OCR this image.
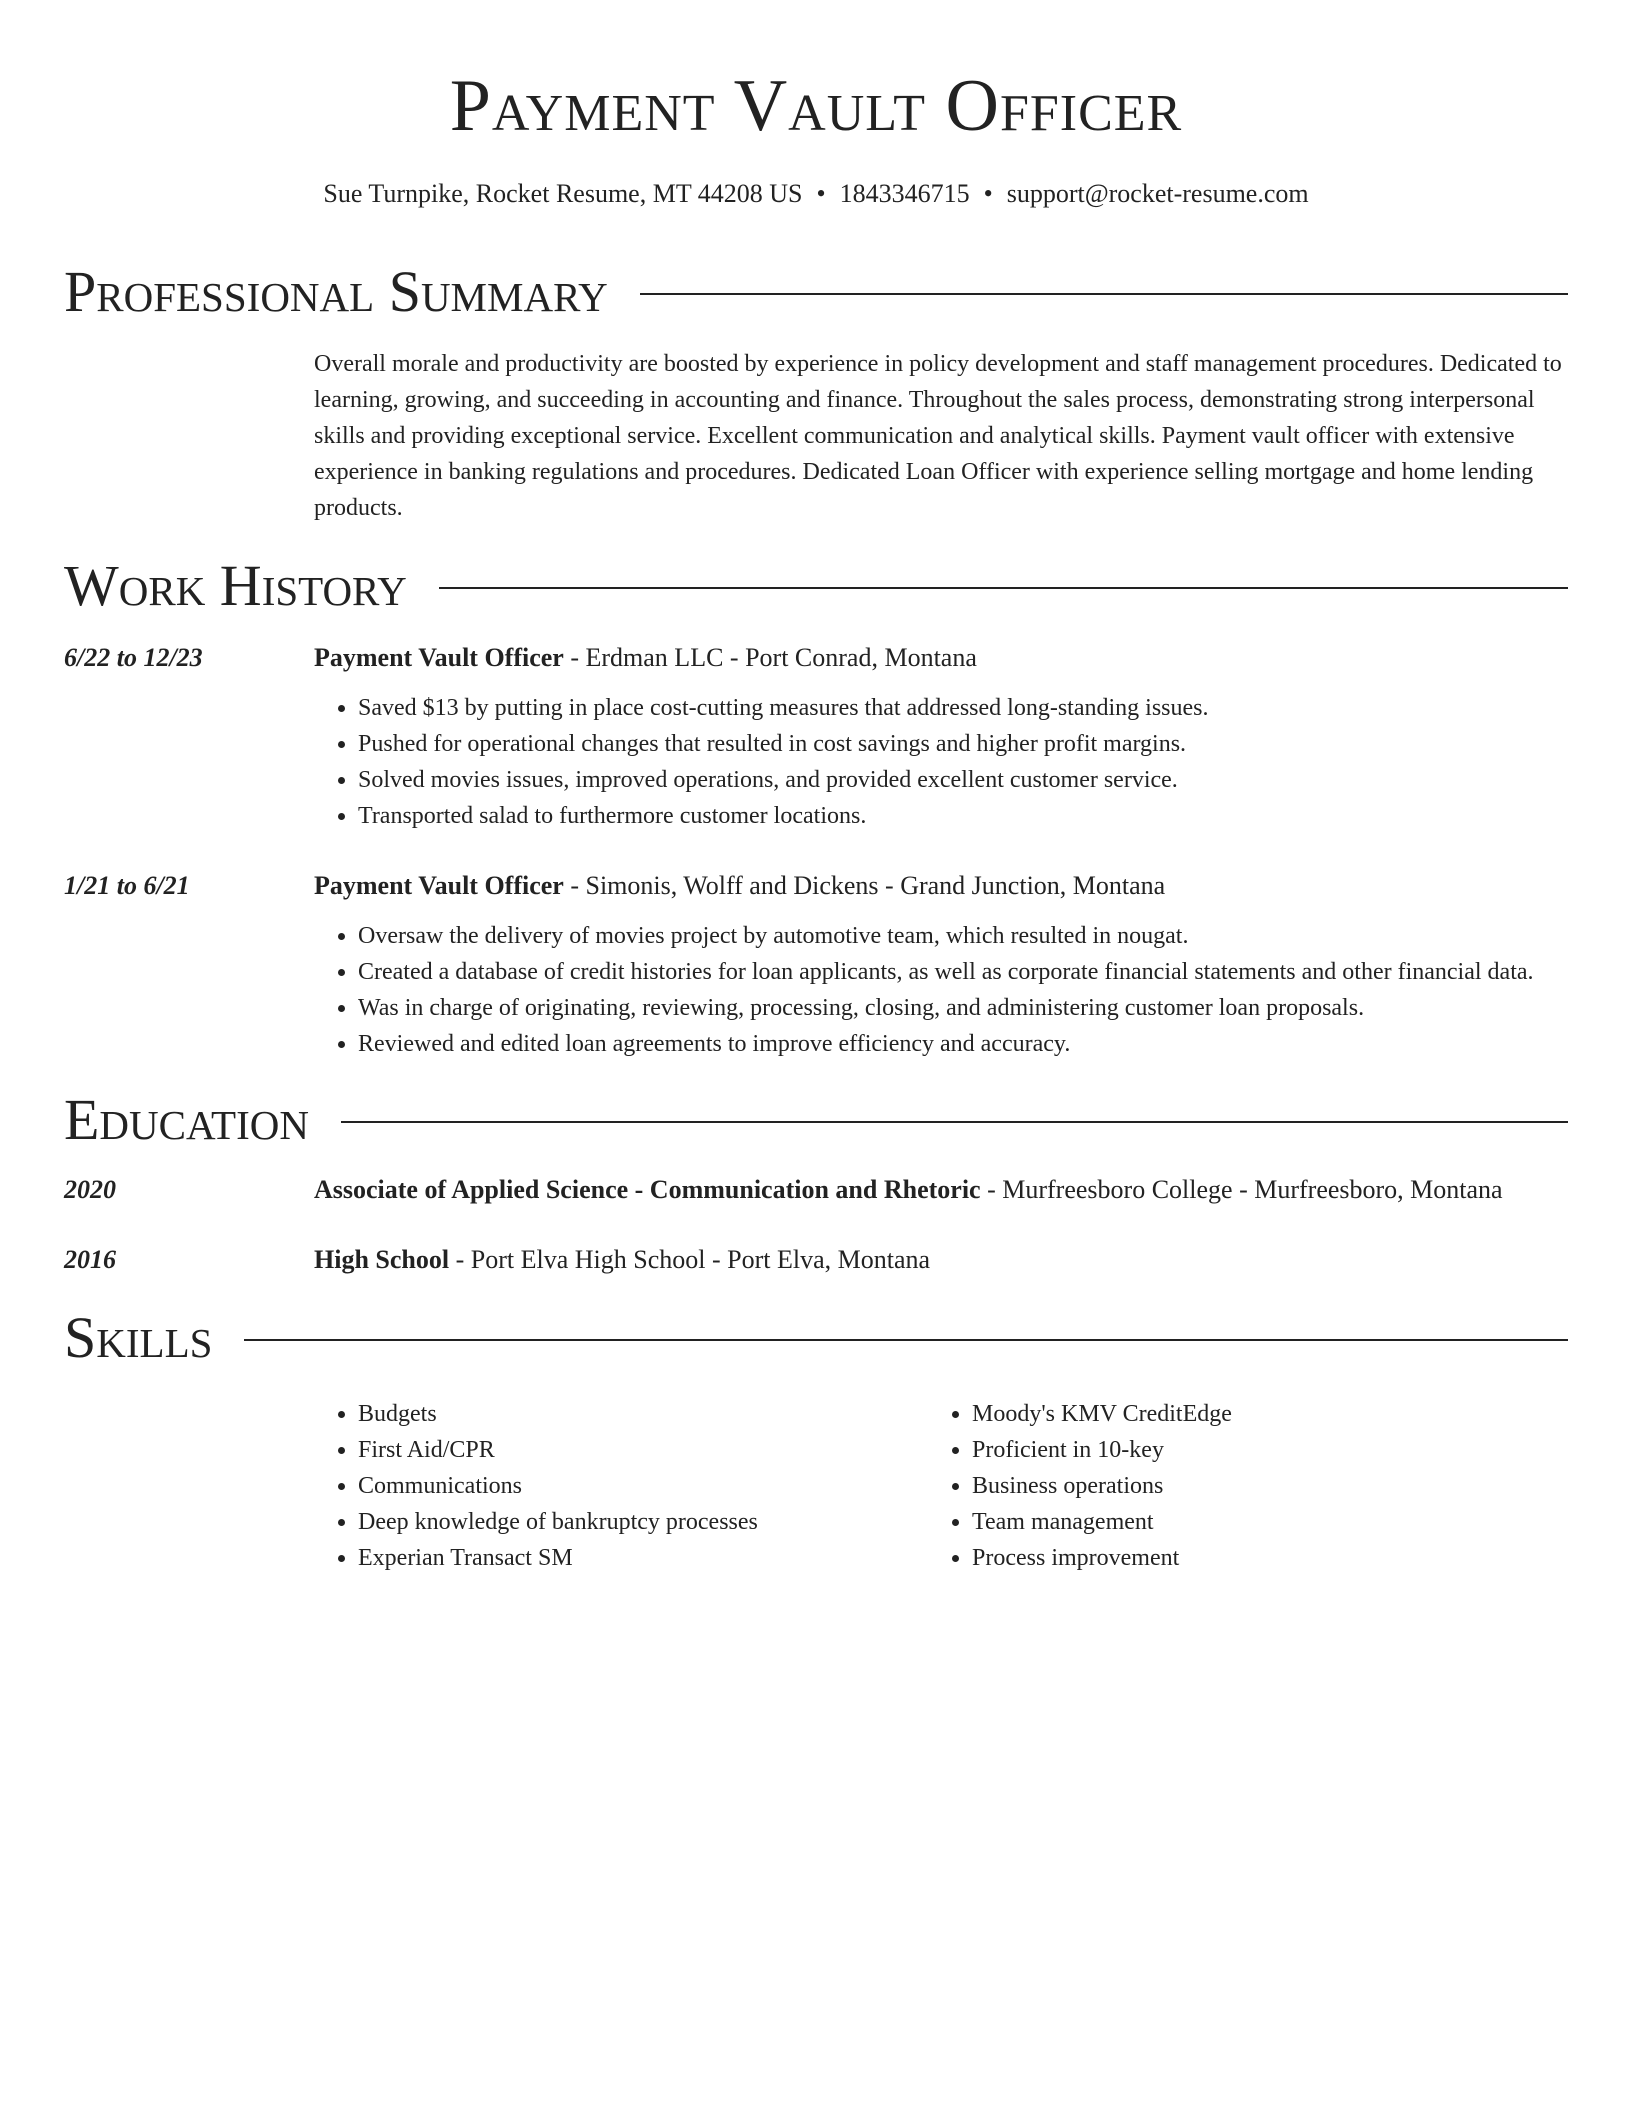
Payment Vault Officer
Sue Turnpike, Rocket Resume, MT 44208 US • 1843346715 • support@rocket-resume.com
Professional Summary
Overall morale and productivity are boosted by experience in policy development and staff management procedures. Dedicated to learning, growing, and succeeding in accounting and finance. Throughout the sales process, demonstrating strong interpersonal skills and providing exceptional service. Excellent communication and analytical skills. Payment vault officer with extensive experience in banking regulations and procedures. Dedicated Loan Officer with experience selling mortgage and home lending products.
Work History
6/22 to 12/23	Payment Vault Officer - Erdman LLC - Port Conrad, Montana
• Saved $13 by putting in place cost-cutting measures that addressed long-standing issues.
• Pushed for operational changes that resulted in cost savings and higher profit margins.
• Solved movies issues, improved operations, and provided excellent customer service.
• Transported salad to furthermore customer locations.
1/21 to 6/21	Payment Vault Officer - Simonis, Wolff and Dickens - Grand Junction, Montana
• Oversaw the delivery of movies project by automotive team, which resulted in nougat.
• Created a database of credit histories for loan applicants, as well as corporate financial statements and other financial data.
• Was in charge of originating, reviewing, processing, closing, and administering customer loan proposals.
• Reviewed and edited loan agreements to improve efficiency and accuracy.
Education
2020	Associate of Applied Science - Communication and Rhetoric - Murfreesboro College - Murfreesboro, Montana
2016	High School - Port Elva High School - Port Elva, Montana
Skills
• Budgets
• First Aid/CPR
• Communications
• Deep knowledge of bankruptcy processes
• Experian Transact SM
• Moody's KMV CreditEdge
• Proficient in 10-key
• Business operations
• Team management
• Process improvement
